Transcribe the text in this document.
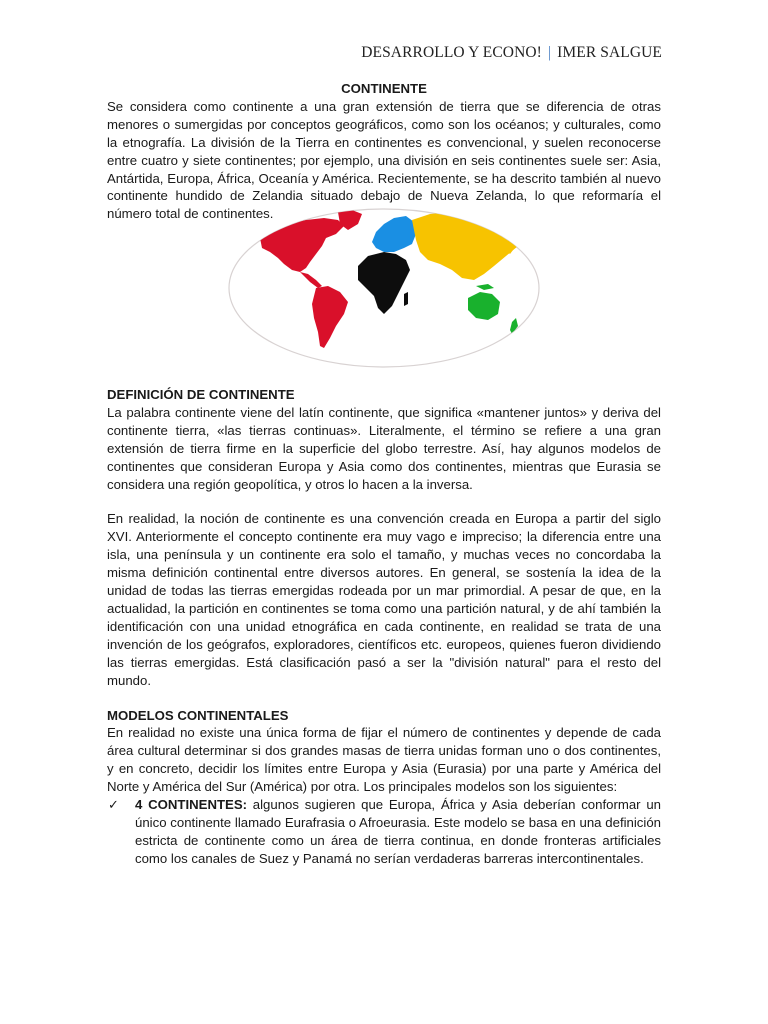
DESARROLLO Y ECONO! | IMER SALGUE

CONTINENTE

Se considera como continente a una gran extensión de tierra que se diferencia de otras menores o sumergidas por conceptos geográficos, como son los océanos; y culturales, como la etnografía. La división de la Tierra en continentes es convencional, y suelen reconocerse entre cuatro y siete continentes; por ejemplo, una división en seis continentes suele ser: Asia, Antártida, Europa, África, Oceanía y América. Recientemente, se ha descrito también al nuevo continente hundido de Zelandia situado debajo de Nueva Zelanda, lo que reformaría el número total de continentes.

DEFINICIÓN DE CONTINENTE

La palabra continente viene del latín continente, que significa «mantener juntos» y deriva del continente tierra, «las tierras continuas». Literalmente, el término se refiere a una gran extensión de tierra firme en la superficie del globo terrestre. Así, hay algunos modelos de continentes que consideran Europa y Asia como dos continentes, mientras que Eurasia se considera una región geopolítica, y otros lo hacen a la inversa.

En realidad, la noción de continente es una convención creada en Europa a partir del siglo XVI. Anteriormente el concepto continente era muy vago e impreciso; la diferencia entre una isla, una península y un continente era solo el tamaño, y muchas veces no concordaba la misma definición continental entre diversos autores. En general, se sostenía la idea de la unidad de todas las tierras emergidas rodeada por un mar primordial. A pesar de que, en la actualidad, la partición en continentes se toma como una partición natural, y de ahí también la identificación con una unidad etnográfica en cada continente, en realidad se trata de una invención de los geógrafos, exploradores, científicos etc. europeos, quienes fueron dividiendo las tierras emergidas. Está clasificación pasó a ser la "división natural" para el resto del mundo.

MODELOS CONTINENTALES

En realidad no existe una única forma de fijar el número de continentes y depende de cada área cultural determinar si dos grandes masas de tierra unidas forman uno o dos continentes, y en concreto, decidir los límites entre Europa y Asia (Eurasia) por una parte y América del Norte y América del Sur (América) por otra. Los principales modelos son los siguientes:

✓	4 CONTINENTES: algunos sugieren que Europa, África y Asia deberían conformar un único continente llamado Eurafrasia o Afroeurasia. Este modelo se basa en una definición estricta de continente como un área de tierra continua, en donde fronteras artificiales como los canales de Suez y Panamá no serían verdaderas barreras intercontinentales.
